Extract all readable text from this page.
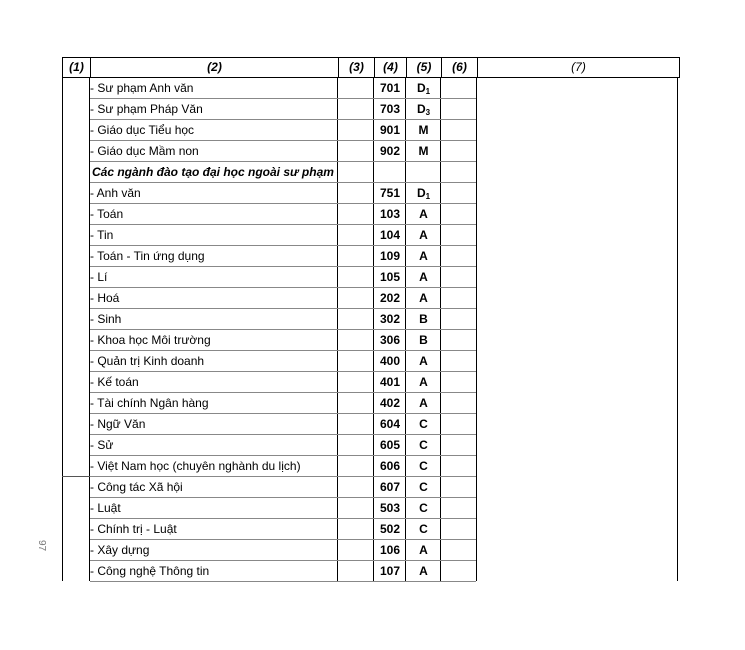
(1)	(2)	(3)	(4)	(5)	(6)	(7)
- Sư phạm Anh văn	701	$D_1$
- Sư phạm Pháp Văn	703	$D_3$
- Giáo dục Tiểu học	901	M
- Giáo dục Mầm non	902	M
Các ngành đào tạo đại học ngoài sư phạm
- Anh văn	751	$D_1$
- Toán	103	A
- Tin	104	A
- Toán - Tin ứng dụng	109	A
- Lí	105	A
- Hoá	202	A
- Sinh	302	B
- Khoa học Môi trường	306	B
- Quản trị Kinh doanh	400	A
- Kế toán	401	A
- Tài chính Ngân hàng	402	A
- Ngữ Văn	604	C
- Sử	605	C
- Việt Nam học (chuyên nghành du lịch)	606	C
- Công tác Xã hội	607	C
- Luật	503	C
- Chính trị - Luật	502	C
- Xây dựng	106	A
- Công nghệ Thông tin	107	A
97
